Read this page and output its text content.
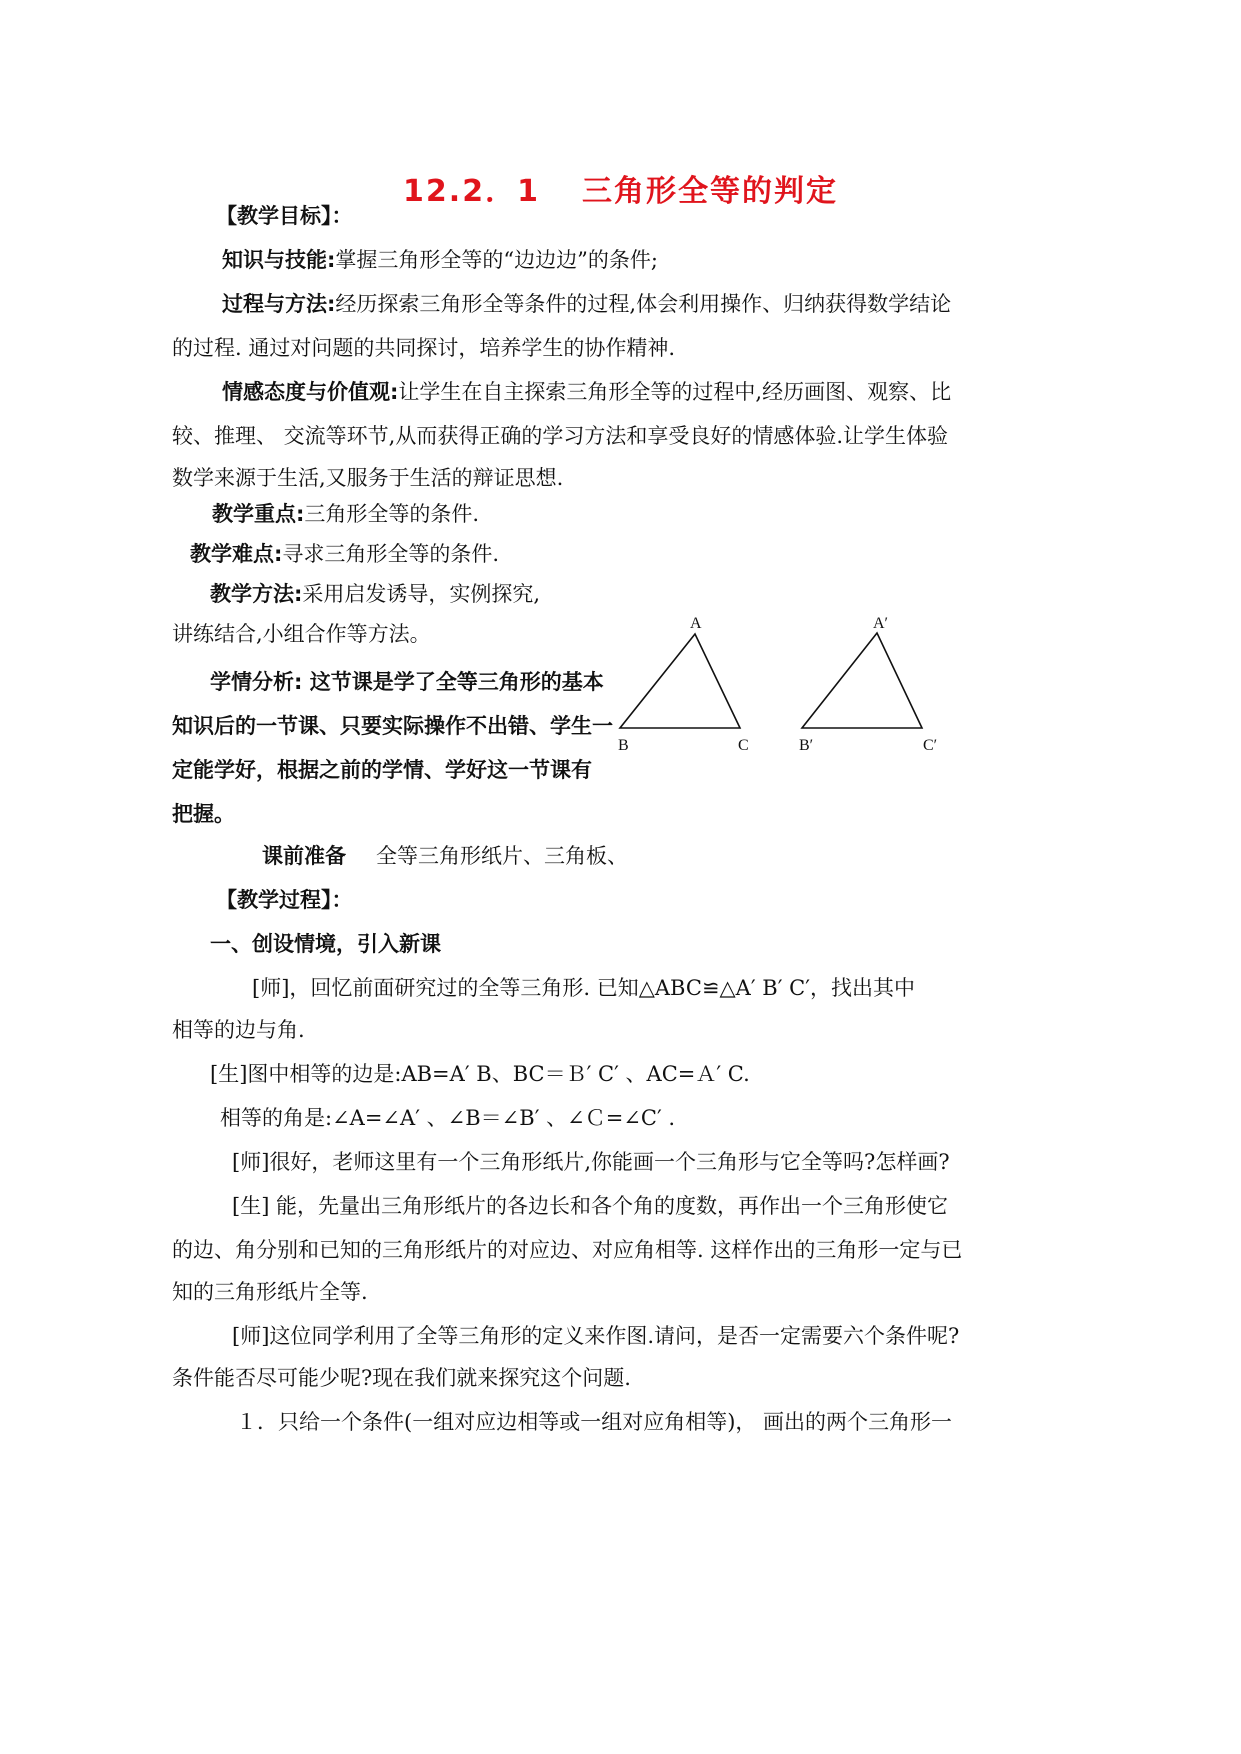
12.2．1 三角形全等的判定
【教学目标】：
知识与技能:掌握三角形全等的“边边边”的条件;
过程与方法:经历探索三角形全等条件的过程,体会利用操作、归纳获得数学结论
的过程. 通过对问题的共同探讨，培养学生的协作精神.
情感态度与价值观:让学生在自主探索三角形全等的过程中,经历画图、观察、比
较、推理、 交流等环节,从而获得正确的学习方法和享受良好的情感体验.让学生体验
数学来源于生活,又服务于生活的辩证思想.
教学重点:三角形全等的条件.
教学难点:寻求三角形全等的条件.
教学方法:采用启发诱导，实例探究,
讲练结合,小组合作等方法。
学情分析: 这节课是学了全等三角形的基本
知识后的一节课、只要实际操作不出错、学生一
定能学好，根据之前的学情、学好这一节课有
把握。
A
B	C
A′
B′	C′
课前准备 全等三角形纸片、三角板、
【教学过程】：
一、创设情境，引入新课
[师]，回忆前面研究过的全等三角形. 已知△ABC≌△A′ B′ C′，找出其中
相等的边与角.
[生]图中相等的边是:AB=A′ B、BC＝Ｂ′ C′ 、AC=Ａ′ C.
相等的角是:∠A=∠A′ 、∠B＝∠B′ 、∠Ｃ=∠C′ .
[师]很好，老师这里有一个三角形纸片,你能画一个三角形与它全等吗?怎样画?
[生] 能，先量出三角形纸片的各边长和各个角的度数，再作出一个三角形使它
的边、角分别和已知的三角形纸片的对应边、对应角相等. 这样作出的三角形一定与已
知的三角形纸片全等.
[师]这位同学利用了全等三角形的定义来作图.请问，是否一定需要六个条件呢?
条件能否尽可能少呢?现在我们就来探究这个问题.
１．只给一个条件(一组对应边相等或一组对应角相等)， 画出的两个三角形一
